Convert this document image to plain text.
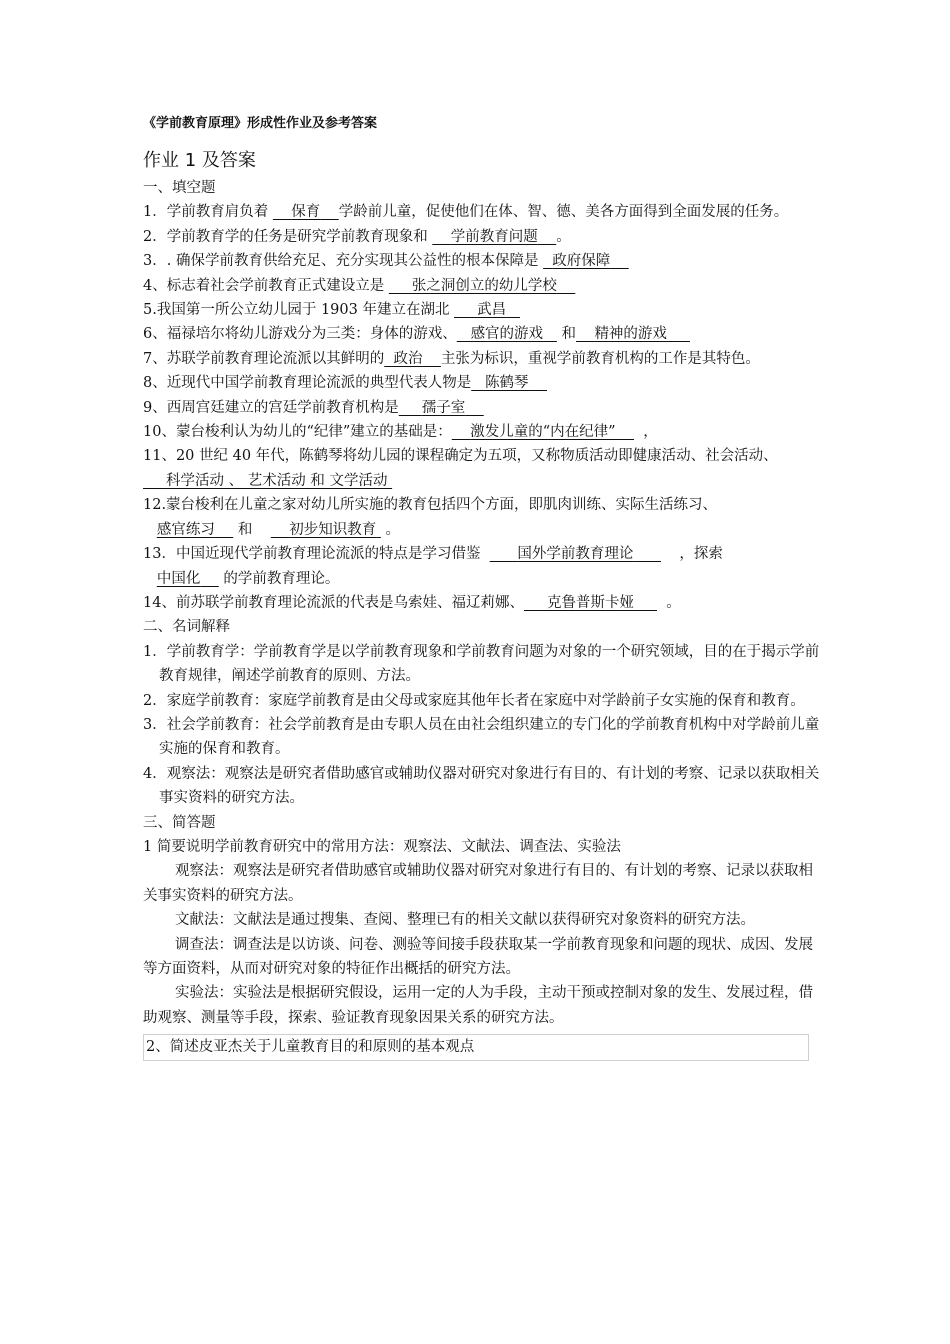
《学前教育原理》形成性作业及参考答案
作业 1 及答案
一、填空题
1．学前教育肩负着     保育 学龄前儿童，促使他们在体、智、德、美各方面得到全面发展的任务。
2．学前教育学的任务是研究学前教育现象和     学前教育问题 。
3．. 确保学前教育供给充足、充分实现其公益性的根本保障是   政府保障
4、标志着社会学前教育正式建设立是      张之洞创立的幼儿学校
5.我国第一所公立幼儿园于 1903 年建立在湖北      武昌
6、福禄培尔将幼儿游戏分为三类：身体的游戏、 感官的游戏 和 精神的游戏
7、苏联学前教育理论流派以其鲜明的 政治 主张为标识，重视学前教育机构的工作是其特色。
8、近现代中国学前教育理论流派的典型代表人物是 陈鹤琴
9、西周宫廷建立的宫廷学前教育机构是 孺子室
10、蒙台梭利认为幼儿的“纪律”建立的基础是： 激发儿童的“内在纪律” ，
11、20 世纪 40 年代，陈鹤琴将幼儿园的课程确定为五项，又称物质活动即健康活动、社会活动、       科学活动 、 艺术活动 和 文学活动
12.蒙台梭利在儿童之家对幼儿所实施的教育包括四个方面，即肌肉训练、实际生活练习、
感官练习 和	初步知识教育 。
13．中国近现代学前教育理论流派的特点是学习借鉴        国外学前教育理论	，探索
中国化     的学前教育理论。
14、前苏联学前教育理论流派的代表是乌索娃、福辽莉娜、 克鲁普斯卡娅 。
二、名词解释
1．学前教育学：学前教育学是以学前教育现象和学前教育问题为对象的一个研究领域，目的在于揭示学前教育规律，阐述学前教育的原则、方法。
2．家庭学前教育：家庭学前教育是由父母或家庭其他年长者在家庭中对学龄前子女实施的保育和教育。
3．社会学前教育：社会学前教育是由专职人员在由社会组织建立的专门化的学前教育机构中对学龄前儿童实施的保育和教育。
4．观察法：观察法是研究者借助感官或辅助仪器对研究对象进行有目的、有计划的考察、记录以获取相关事实资料的研究方法。
三、简答题
1 简要说明学前教育研究中的常用方法：观察法、文献法、调查法、实验法
观察法：观察法是研究者借助感官或辅助仪器对研究对象进行有目的、有计划的考察、记录以获取相关事实资料的研究方法。
文献法：文献法是通过搜集、查阅、整理已有的相关文献以获得研究对象资料的研究方法。
调查法：调查法是以访谈、问卷、测验等间接手段获取某一学前教育现象和问题的现状、成因、发展等方面资料，从而对研究对象的特征作出概括的研究方法。
实验法：实验法是根据研究假设，运用一定的人为手段，主动干预或控制对象的发生、发展过程，借助观察、测量等手段，探索、验证教育现象因果关系的研究方法。
2、简述皮亚杰关于儿童教育目的和原则的基本观点
